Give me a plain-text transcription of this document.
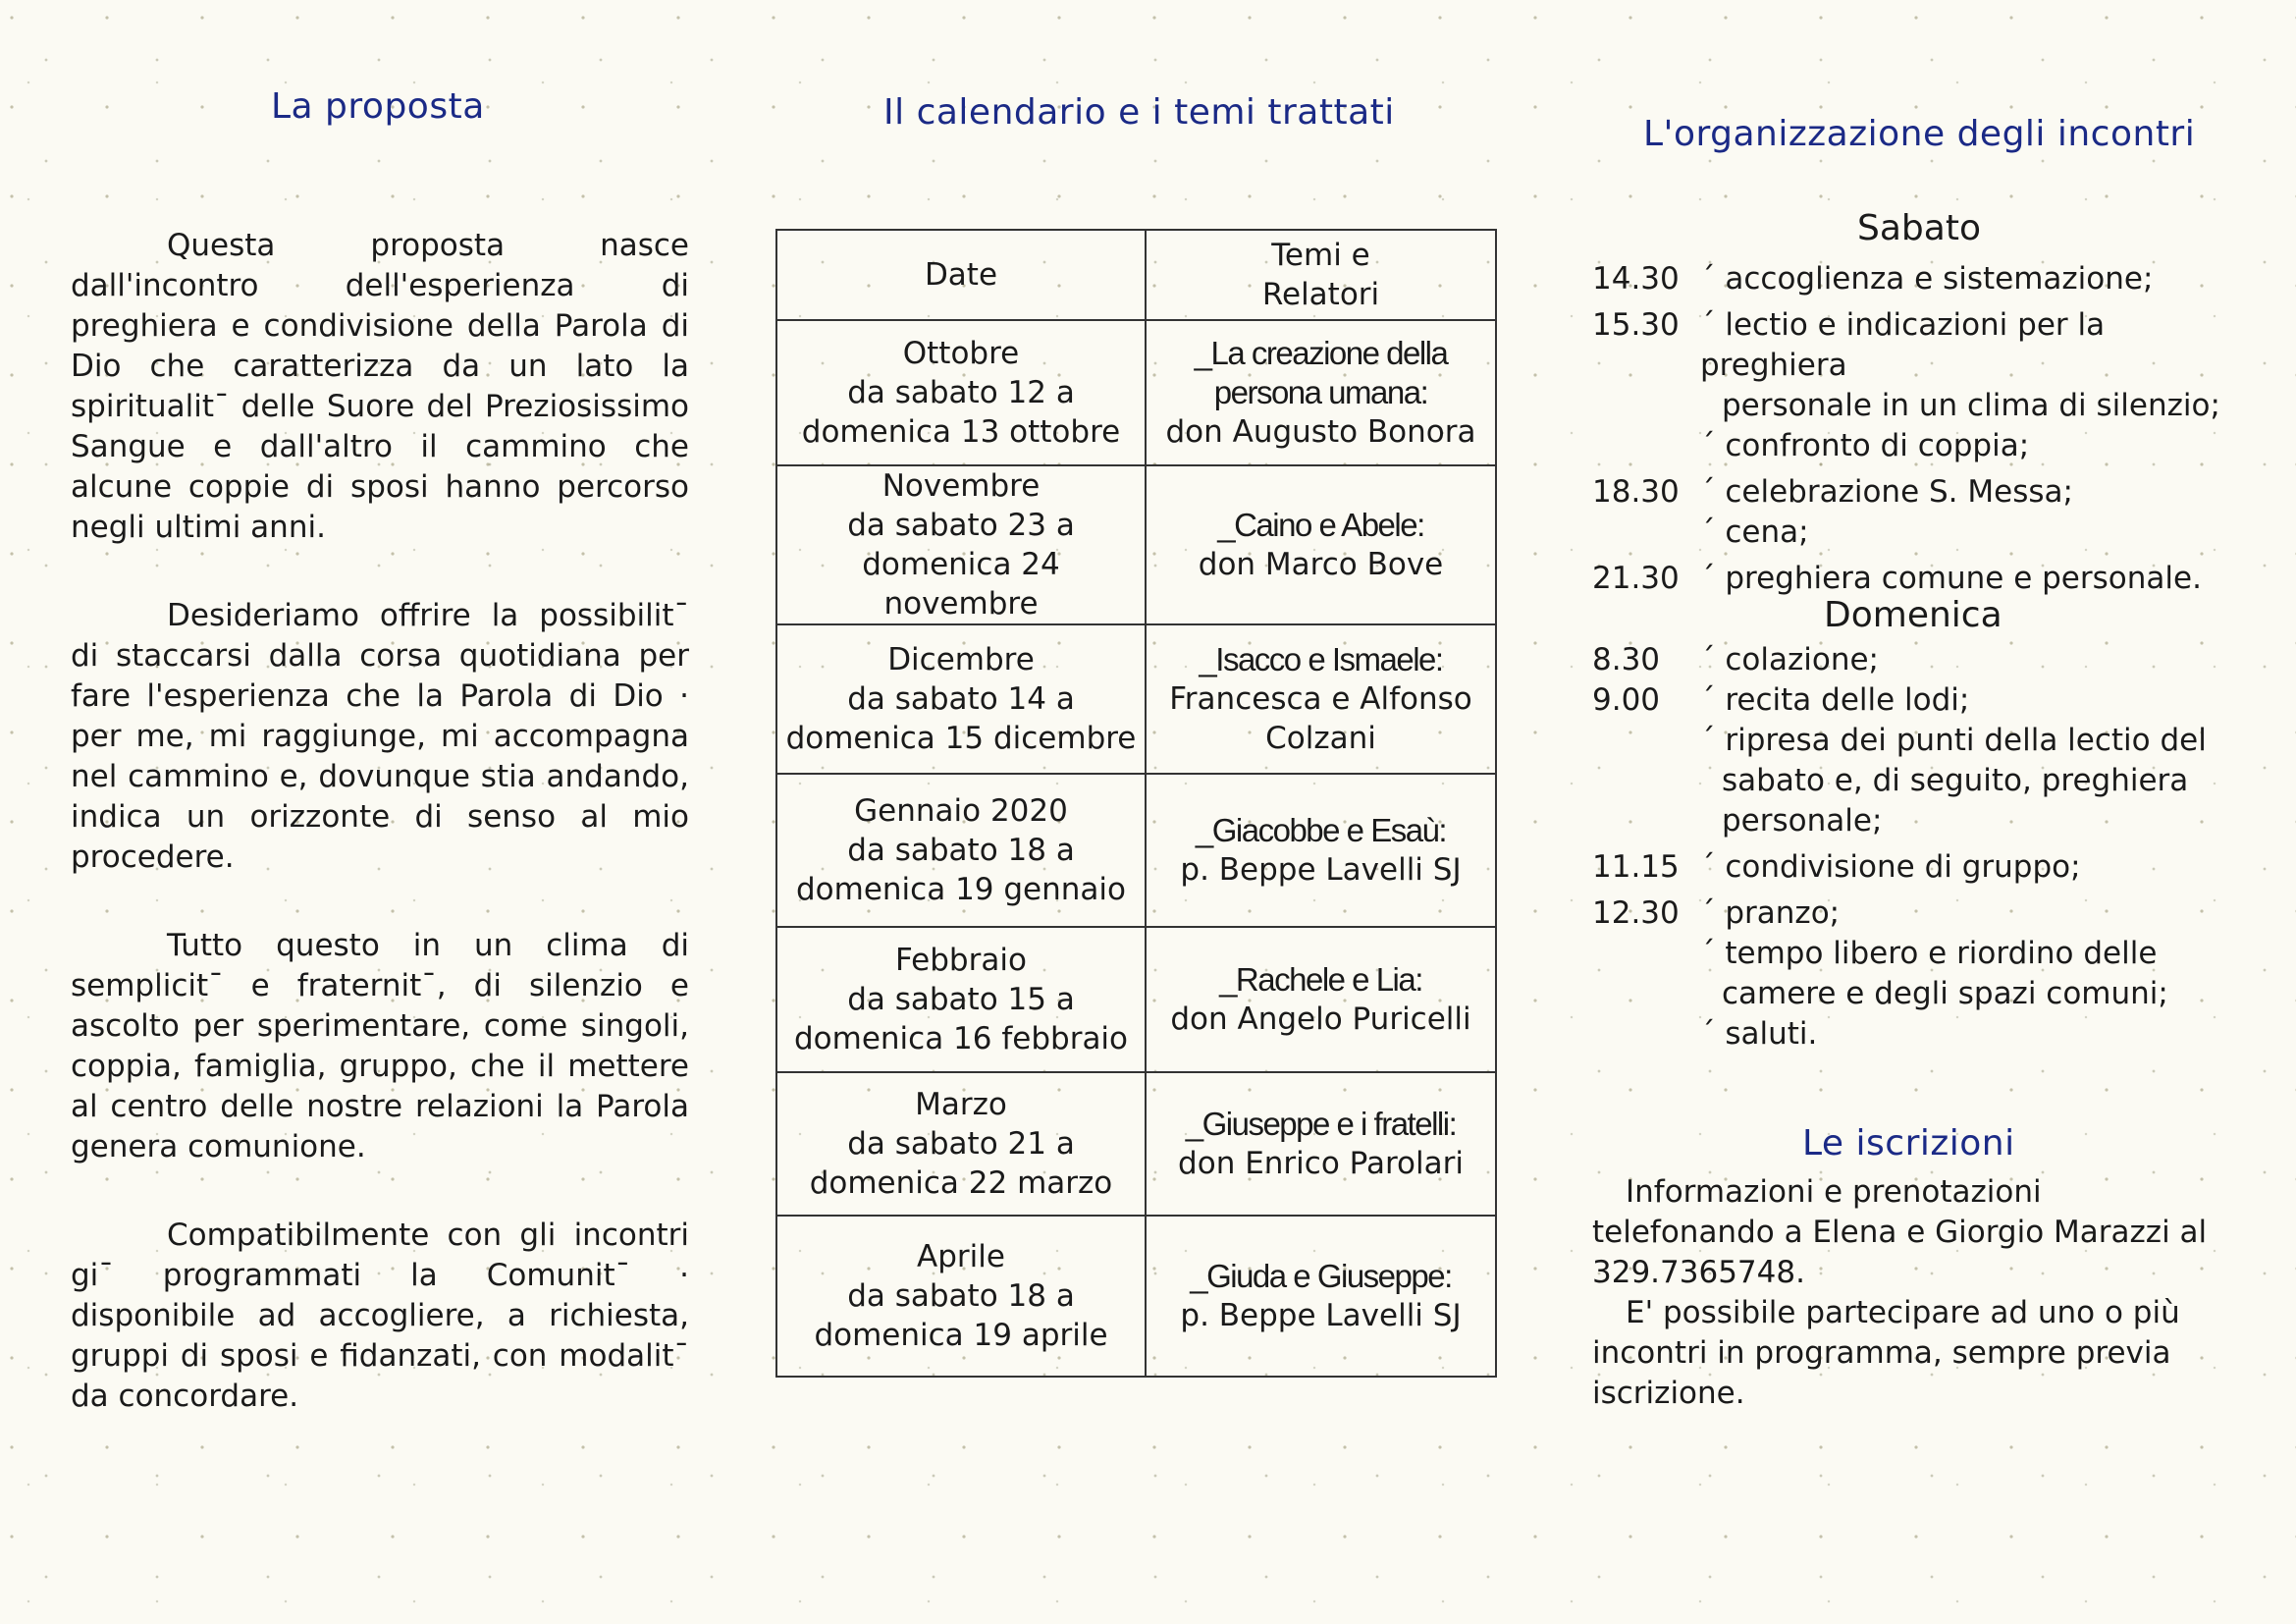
La proposta

Questa proposta nasce dall'incontro dell'esperienza di preghiera e condivisione della Parola di Dio che caratterizza da un lato la spiritualit¯ delle Suore del Preziosissimo Sangue e dall'altro il cammino che alcune coppie di sposi hanno percorso negli ultimi anni.

Desideriamo offrire la possibilit¯ di staccarsi dalla corsa quotidiana per fare l'esperienza che la Parola di Dio · per me, mi raggiunge, mi accompagna nel cammino e, dovunque stia andando, indica un orizzonte di senso al mio procedere.

Tutto questo in un clima di semplicit¯ e fraternit¯, di silenzio e ascolto per sperimentare, come singoli, coppia, famiglia, gruppo, che il mettere al centro delle nostre relazioni la Parola genera comunione.

Compatibilmente con gli incontri gi¯ programmati la Comunit¯ · disponibile ad accogliere, a richiesta, gruppi di sposi e fidanzati, con modalit¯ da concordare.

Il calendario e i temi trattati
Date	Temi e
Relatori

Ottobre
da sabato 12 a
domenica 13 ottobre	_La creazione della
persona umana:
don Augusto Bonora

Novembre
da sabato 23 a
domenica 24 novembre	_Caino e Abele:
don Marco Bove

Dicembre
da sabato 14 a
domenica 15 dicembre	_Isacco e Ismaele:
Francesca e Alfonso
Colzani

Gennaio 2020
da sabato 18 a
domenica 19 gennaio	_Giacobbe e Esaù:
p. Beppe Lavelli SJ

Febbraio
da sabato 15 a
domenica 16 febbraio	_Rachele e Lia:
don Angelo Puricelli

Marzo
da sabato 21 a
domenica 22 marzo	_Giuseppe e i fratelli:
don Enrico Parolari

Aprile
da sabato 18 a
domenica 19 aprile	_Giuda e Giuseppe:
p. Beppe Lavelli SJ
L'organizzazione degli incontri
Sabato
14.30 ´ accoglienza e sistemazione;
15.30 ´ lectio e indicazioni per la preghiera
personale in un clima di silenzio;
´ confronto di coppia;
18.30 ´ celebrazione S. Messa;
´ cena;
21.30 ´ preghiera comune e personale.
Domenica
8.30	´ colazione;
9.00	´ recita delle lodi;
´ ripresa dei punti della lectio del
sabato e, di seguito, preghiera
personale;
11.15 ´ condivisione di gruppo;
12.30 ´ pranzo;
´ tempo libero e riordino delle
camere e degli spazi comuni;
´ saluti.
Le iscrizioni

Informazioni e prenotazioni telefonando a Elena e Giorgio Marazzi al 329.7365748.

E' possibile partecipare ad uno o più incontri in programma, sempre previa iscrizione.
